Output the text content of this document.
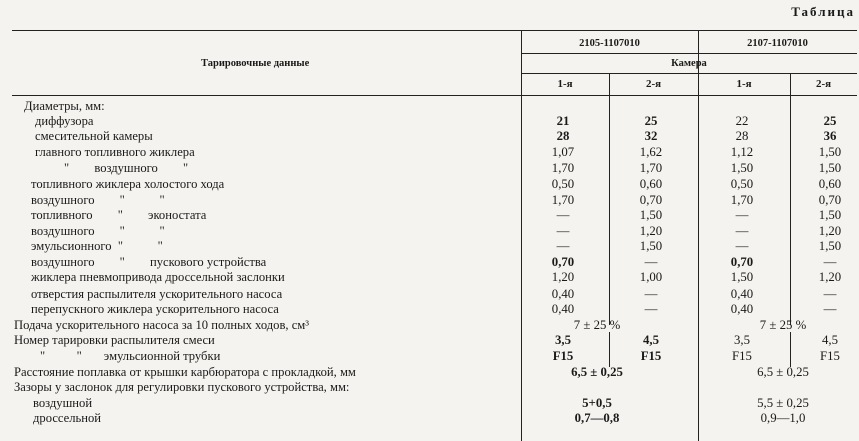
Таблица
Тарировочные данные
2105-1107010	2107-1107010
Камера
1-я	2-я	1-я	2-я
Диаметры, мм:
диффузора	21	25	22	25
смесительной камеры	28	32	28	36
главного топливного жиклера	1,07	1,62	1,12	1,50
"        воздушного        "	1,70	1,70	1,50	1,50
топливного жиклера холостого хода	0,50	0,60	0,50	0,60
воздушного        "           "	1,70	0,70	1,70	0,70
топливного        "        эконостата	—	1,50	—	1,50
воздушного        "           "	—	1,20	—	1,20
эмульсионного  "           "	—	1,50	—	1,50
воздушного        "        пускового устройства	0,70	—	0,70	—
жиклера пневмопривода дроссельной заслонки	1,20	1,00	1,50	1,20
отверстия распылителя ускорительного насоса	0,40	—	0,40	—
перепускного жиклера ускорительного насоса	0,40	—	0,40	—
Подача ускорительного насоса за 10 полных ходов, см³	7 ± 25 %	7 ± 25 %
Номер тарировки распылителя смеси	3,5	4,5	3,5	4,5
"          "       эмульсионной трубки	F15	F15	F15	F15
Расстояние поплавка от крышки карбюратора с прокладкой, мм	6,5 ± 0,25	6,5 ± 0,25
Зазоры у заслонок для регулировки пускового устройства, мм:
воздушной	5+0,5	5,5 ± 0,25
дроссельной	0,7—0,8	0,9—1,0
